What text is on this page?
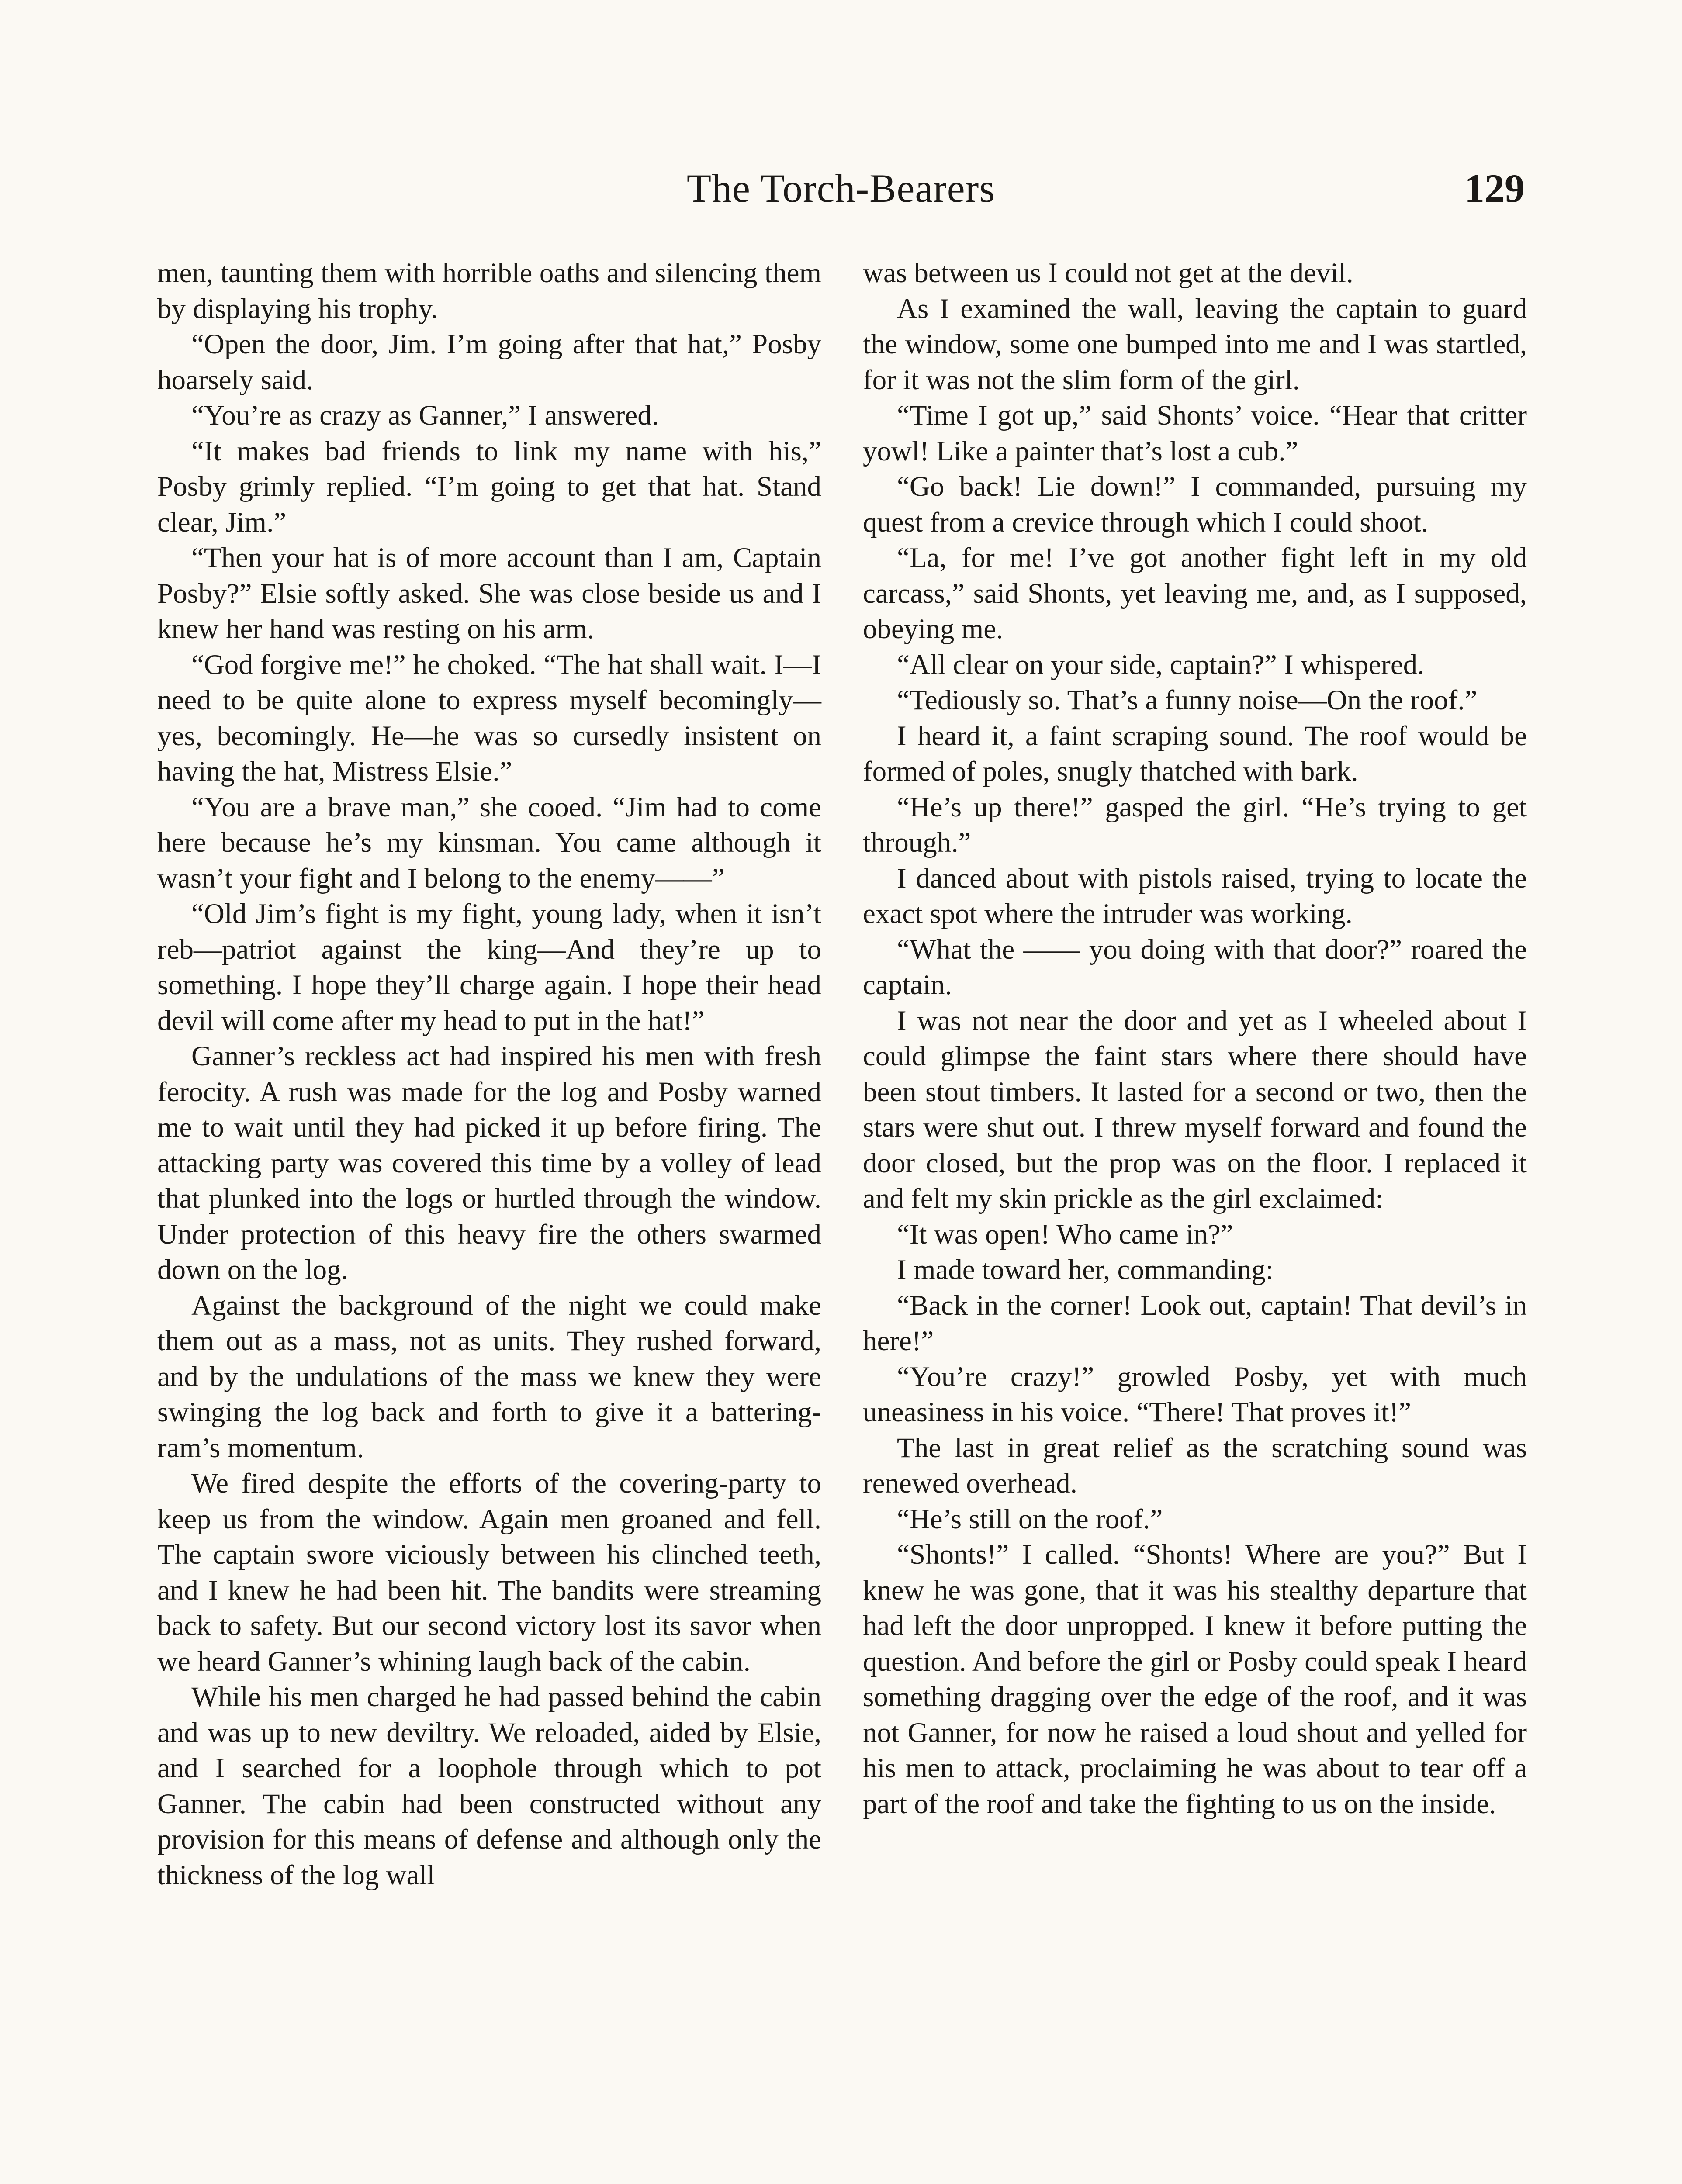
The Torch-Bearers	129

men, taunting them with horrible oaths and silencing them by displaying his trophy.

“Open the door, Jim. I’m going after that hat,” Posby hoarsely said.

“You’re as crazy as Ganner,” I answered.

“It makes bad friends to link my name with his,” Posby grimly replied. “I’m going to get that hat. Stand clear, Jim.”

“Then your hat is of more account than I am, Captain Posby?” Elsie softly asked. She was close beside us and I knew her hand was resting on his arm.

“God forgive me!” he choked. “The hat shall wait. I—I need to be quite alone to express myself becomingly—yes, becomingly. He—he was so cursedly insistent on having the hat, Mistress Elsie.”

“You are a brave man,” she cooed. “Jim had to come here because he’s my kinsman. You came although it wasn’t your fight and I belong to the enemy——”

“Old Jim’s fight is my fight, young lady, when it isn’t reb—patriot against the king—And they’re up to something. I hope they’ll charge again. I hope their head devil will come after my head to put in the hat!”

Ganner’s reckless act had inspired his men with fresh ferocity. A rush was made for the log and Posby warned me to wait until they had picked it up before firing. The attacking party was covered this time by a volley of lead that plunked into the logs or hurtled through the window. Under protection of this heavy fire the others swarmed down on the log.

Against the background of the night we could make them out as a mass, not as units. They rushed forward, and by the undulations of the mass we knew they were swinging the log back and forth to give it a battering-ram’s momentum.

We fired despite the efforts of the covering-party to keep us from the window. Again men groaned and fell. The captain swore viciously between his clinched teeth, and I knew he had been hit. The bandits were streaming back to safety. But our second victory lost its savor when we heard Ganner’s whining laugh back of the cabin.

While his men charged he had passed behind the cabin and was up to new deviltry. We reloaded, aided by Elsie, and I searched for a loophole through which to pot Ganner. The cabin had been constructed without any provision for this means of defense and although only the thickness of the log wall

was between us I could not get at the devil.

As I examined the wall, leaving the captain to guard the window, some one bumped into me and I was startled, for it was not the slim form of the girl.

“Time I got up,” said Shonts’ voice. “Hear that critter yowl! Like a painter that’s lost a cub.”

“Go back! Lie down!” I commanded, pursuing my quest from a crevice through which I could shoot.

“La, for me! I’ve got another fight left in my old carcass,” said Shonts, yet leaving me, and, as I supposed, obeying me.

“All clear on your side, captain?” I whispered.

“Tediously so. That’s a funny noise—On the roof.”

I heard it, a faint scraping sound. The roof would be formed of poles, snugly thatched with bark.

“He’s up there!” gasped the girl. “He’s trying to get through.”

I danced about with pistols raised, trying to locate the exact spot where the intruder was working.

“What the —— you doing with that door?” roared the captain.

I was not near the door and yet as I wheeled about I could glimpse the faint stars where there should have been stout timbers. It lasted for a second or two, then the stars were shut out. I threw myself forward and found the door closed, but the prop was on the floor. I replaced it and felt my skin prickle as the girl exclaimed:

“It was open! Who came in?”

I made toward her, commanding:

“Back in the corner! Look out, captain! That devil’s in here!”

“You’re crazy!” growled Posby, yet with much uneasiness in his voice. “There! That proves it!”

The last in great relief as the scratching sound was renewed overhead.

“He’s still on the roof.”

“Shonts!” I called. “Shonts! Where are you?” But I knew he was gone, that it was his stealthy departure that had left the door unpropped. I knew it before putting the question. And before the girl or Posby could speak I heard something dragging over the edge of the roof, and it was not Ganner, for now he raised a loud shout and yelled for his men to attack, proclaiming he was about to tear off a part of the roof and take the fighting to us on the inside.
